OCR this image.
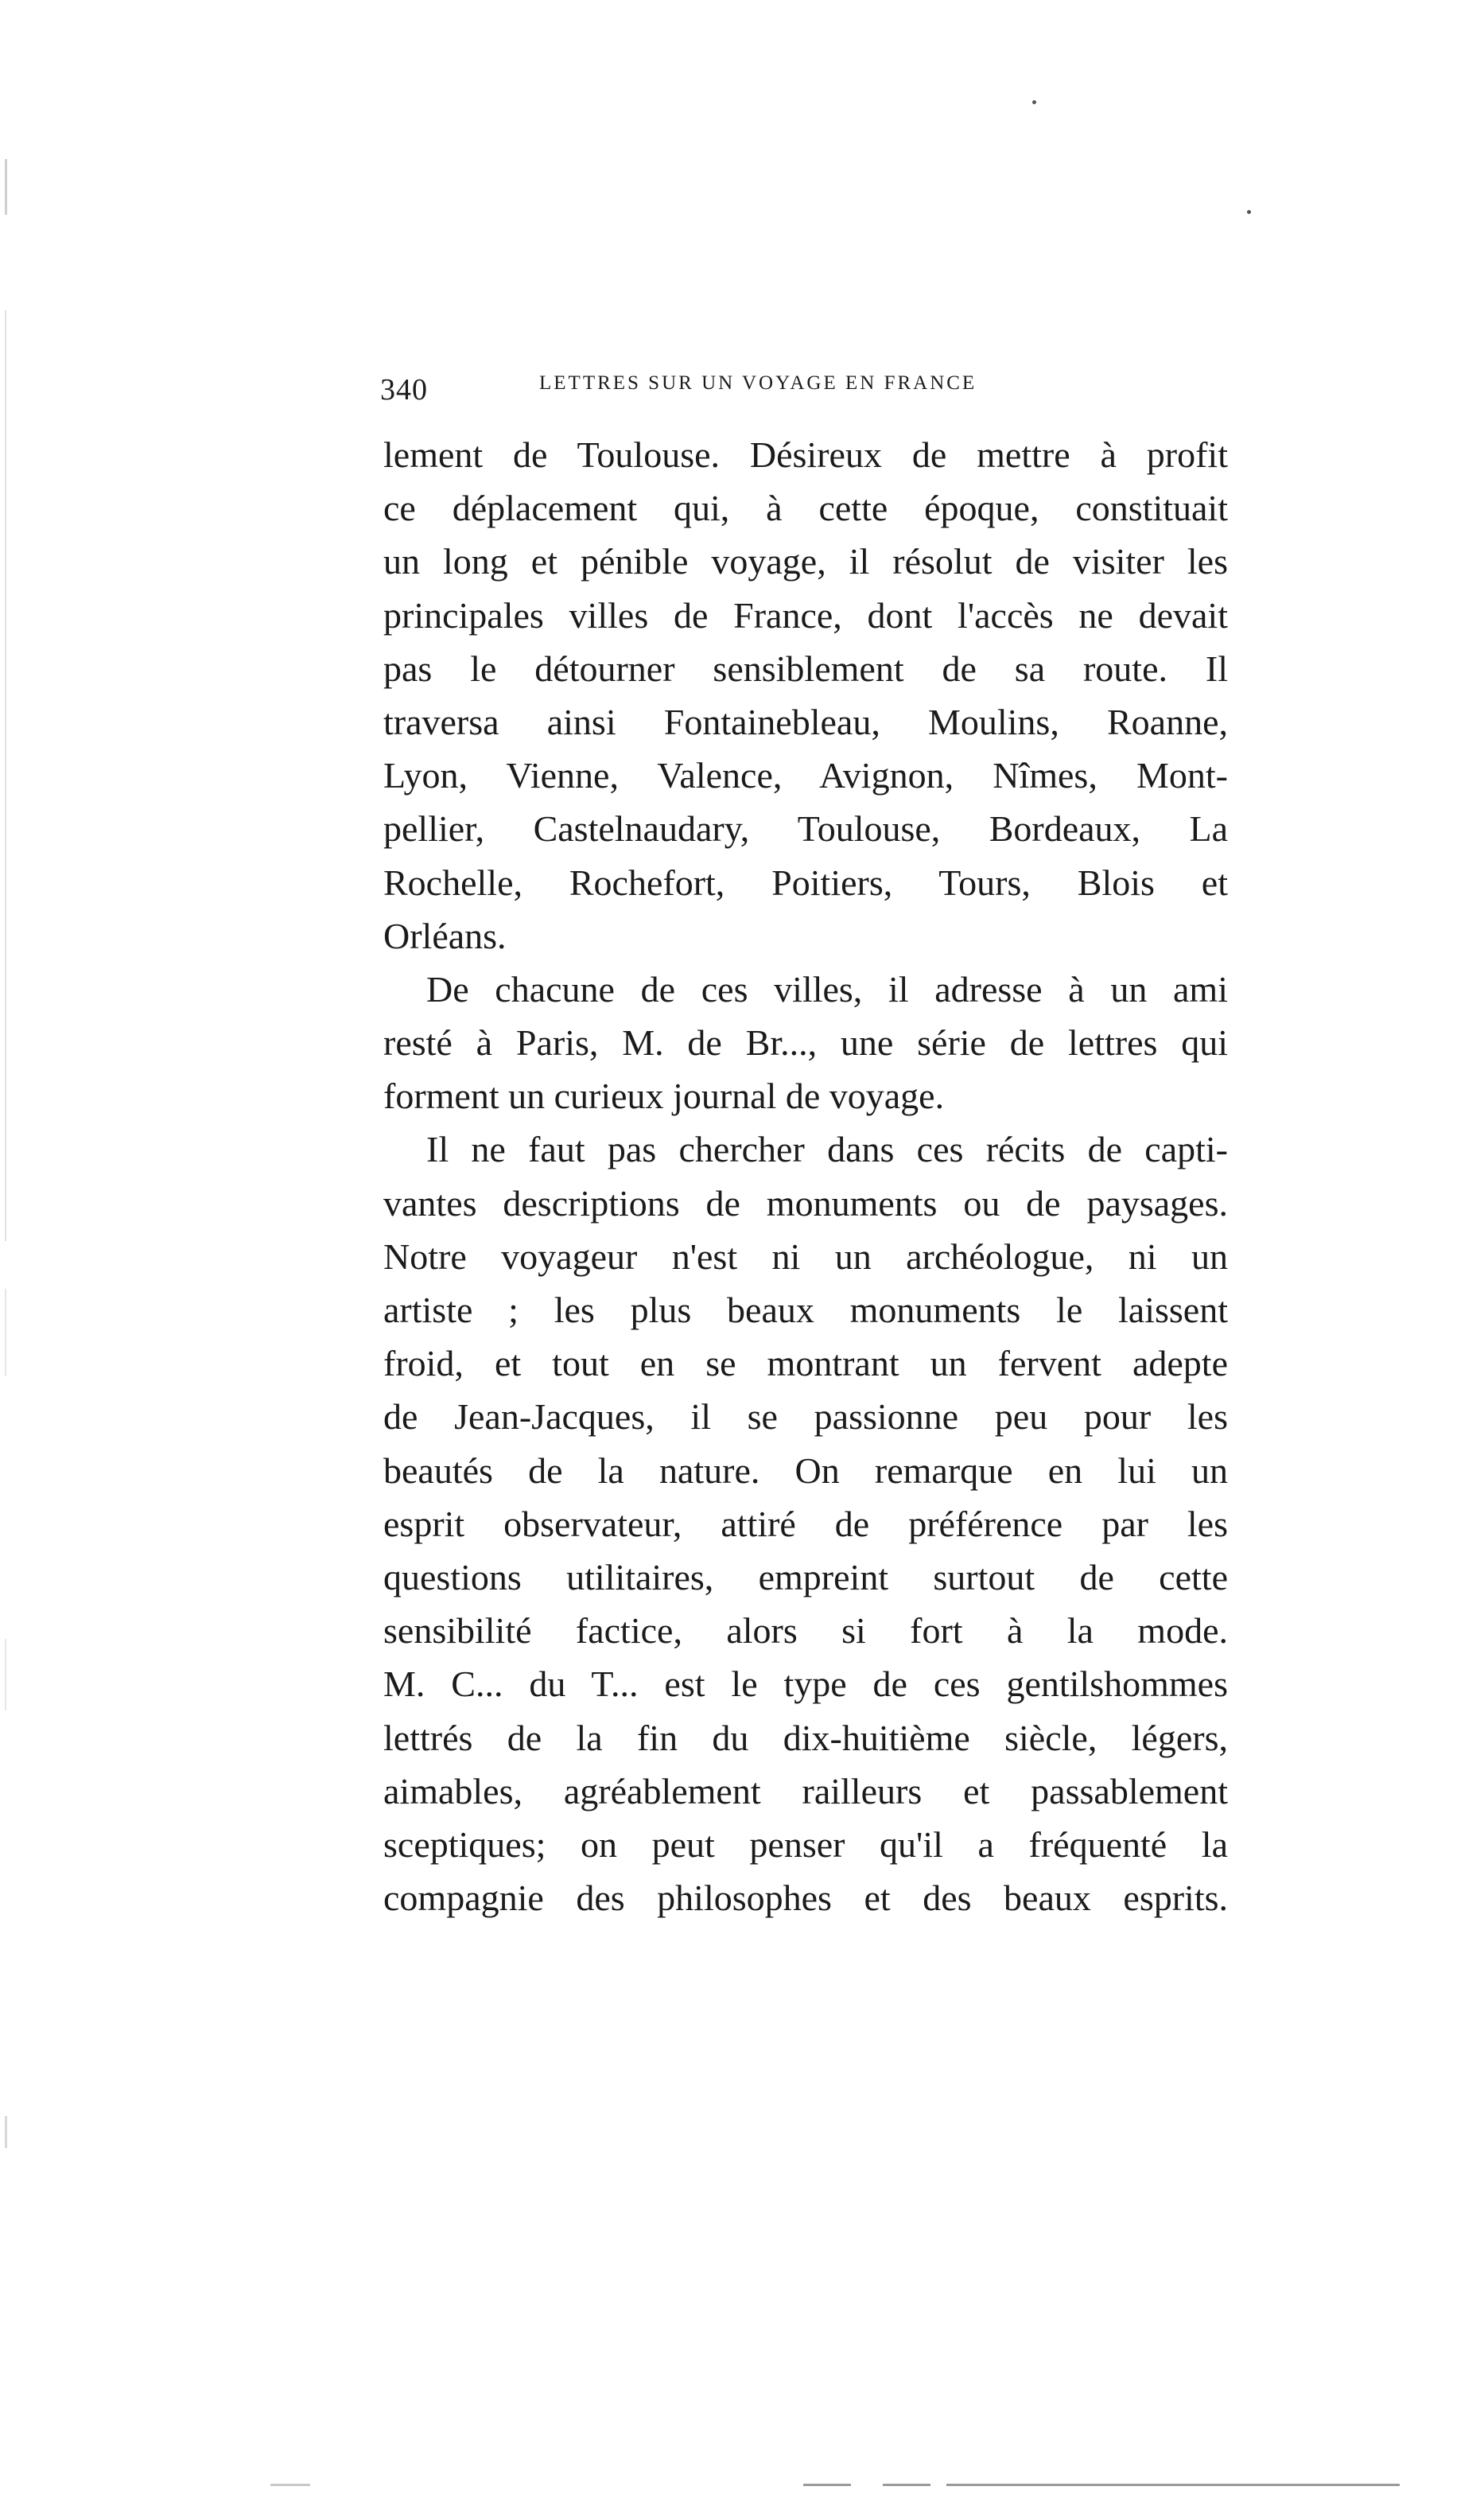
340	LETTRES SUR UN VOYAGE EN FRANCE
lement de Toulouse. Désireux de mettre à profit
ce déplacement qui, à cette époque, constituait
un long et pénible voyage, il résolut de visiter les
principales villes de France, dont l'accès ne devait
pas le détourner sensiblement de sa route. Il
traversa ainsi Fontainebleau, Moulins, Roanne,
Lyon, Vienne, Valence, Avignon, Nîmes, Mont-
pellier, Castelnaudary, Toulouse, Bordeaux, La
Rochelle, Rochefort, Poitiers, Tours, Blois et
Orléans.
De chacune de ces villes, il adresse à un ami
resté à Paris, M. de Br..., une série de lettres qui
forment un curieux journal de voyage.
Il ne faut pas chercher dans ces récits de capti-
vantes descriptions de monuments ou de paysages.
Notre voyageur n'est ni un archéologue, ni un
artiste ; les plus beaux monuments le laissent
froid, et tout en se montrant un fervent adepte
de Jean-Jacques, il se passionne peu pour les
beautés de la nature. On remarque en lui un
esprit observateur, attiré de préférence par les
questions utilitaires, empreint surtout de cette
sensibilité factice, alors si fort à la mode.
M. C... du T... est le type de ces gentilshommes
lettrés de la fin du dix-huitième siècle, légers,
aimables, agréablement railleurs et passablement
sceptiques; on peut penser qu'il a fréquenté la
compagnie des philosophes et des beaux esprits.
